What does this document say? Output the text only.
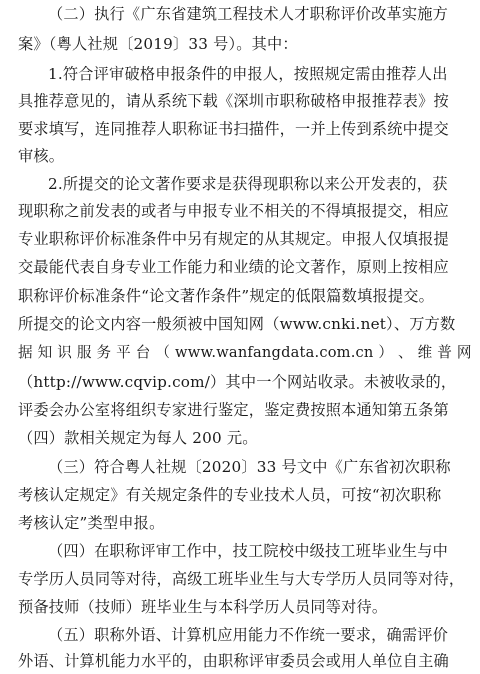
（二）执行《广东省建筑工程技术人才职称评价改革实施方
案》（粤人社规〔2019〕33 号）。其中：
1.符合评审破格申报条件的申报人，按照规定需由推荐人出
具推荐意见的，请从系统下载《深圳市职称破格申报推荐表》按
要求填写，连同推荐人职称证书扫描件，一并上传到系统中提交
审核。
2.所提交的论文著作要求是获得现职称以来公开发表的，获
现职称之前发表的或者与申报专业不相关的不得填报提交，相应
专业职称评价标准条件中另有规定的从其规定。申报人仅填报提
交最能代表自身专业工作能力和业绩的论文著作，原则上按相应
职称评价标准条件“论文著作条件”规定的低限篇数填报提交。
所提交的论文内容一般须被中国知网（www.cnki.net）、万方数
据 知 识 服 务 平 台 （ www.wanfangdata.com.cn ） 、 维 普 网
（http://www.cqvip.com/）其中一个网站收录。未被收录的，
评委会办公室将组织专家进行鉴定，鉴定费按照本通知第五条第
（四）款相关规定为每人 200 元。
（三）符合粤人社规〔2020〕33 号文中《广东省初次职称
考核认定规定》有关规定条件的专业技术人员，可按“初次职称
考核认定”类型申报。
（四）在职称评审工作中，技工院校中级技工班毕业生与中
专学历人员同等对待，高级工班毕业生与大专学历人员同等对待，
预备技师（技师）班毕业生与本科学历人员同等对待。
（五）职称外语、计算机应用能力不作统一要求，确需评价
外语、计算机能力水平的，由职称评审委员会或用人单位自主确
